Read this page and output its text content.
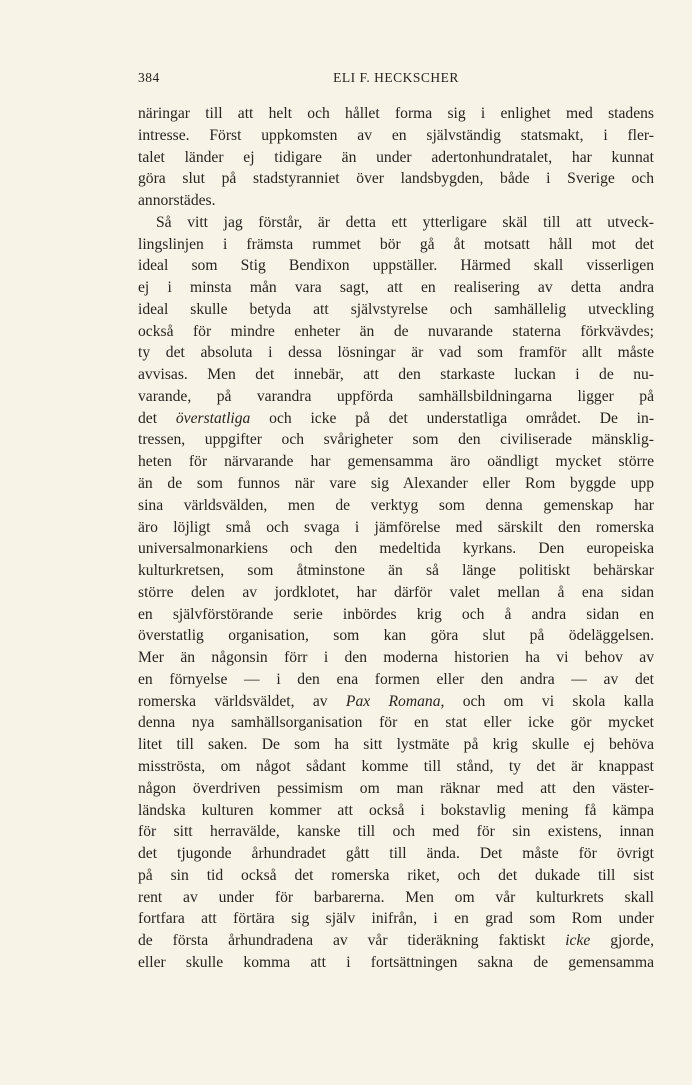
384	ELI F. HECKSCHER
näringar till att helt och hållet forma sig i enlighet med stadens
intresse. Först uppkomsten av en självständig statsmakt, i fler-
talet länder ej tidigare än under adertonhundratalet, har kunnat
göra slut på stadstyranniet över landsbygden, både i Sverige och
annorstädes.
Så vitt jag förstår, är detta ett ytterligare skäl till att utveck-
lingslinjen i främsta rummet bör gå åt motsatt håll mot det
ideal som Stig Bendixon uppställer. Härmed skall visserligen
ej i minsta mån vara sagt, att en realisering av detta andra
ideal skulle betyda att självstyrelse och samhällelig utveckling
också för mindre enheter än de nuvarande staterna förkvävdes;
ty det absoluta i dessa lösningar är vad som framför allt måste
avvisas. Men det innebär, att den starkaste luckan i de nu-
varande, på varandra uppförda samhällsbildningarna ligger på
det överstatliga och icke på det understatliga området. De in-
tressen, uppgifter och svårigheter som den civiliserade mänsklig-
heten för närvarande har gemensamma äro oändligt mycket större
än de som funnos när vare sig Alexander eller Rom byggde upp
sina världsvälden, men de verktyg som denna gemenskap har
äro löjligt små och svaga i jämförelse med särskilt den romerska
universalmonarkiens och den medeltida kyrkans. Den europeiska
kulturkretsen, som åtminstone än så länge politiskt behärskar
större delen av jordklotet, har därför valet mellan å ena sidan
en självförstörande serie inbördes krig och å andra sidan en
överstatlig organisation, som kan göra slut på ödeläggelsen.
Mer än någonsin förr i den moderna historien ha vi behov av
en förnyelse — i den ena formen eller den andra — av det
romerska världsväldet, av Pax Romana, och om vi skola kalla
denna nya samhällsorganisation för en stat eller icke gör mycket
litet till saken. De som ha sitt lystmäte på krig skulle ej behöva
misströsta, om något sådant komme till stånd, ty det är knappast
någon överdriven pessimism om man räknar med att den väster-
ländska kulturen kommer att också i bokstavlig mening få kämpa
för sitt herravälde, kanske till och med för sin existens, innan
det tjugonde århundradet gått till ända. Det måste för övrigt
på sin tid också det romerska riket, och det dukade till sist
rent av under för barbarerna. Men om vår kulturkrets skall
fortfara att förtära sig själv inifrån, i en grad som Rom under
de första århundradena av vår tideräkning faktiskt icke gjorde,
eller skulle komma att i fortsättningen sakna de gemensamma
